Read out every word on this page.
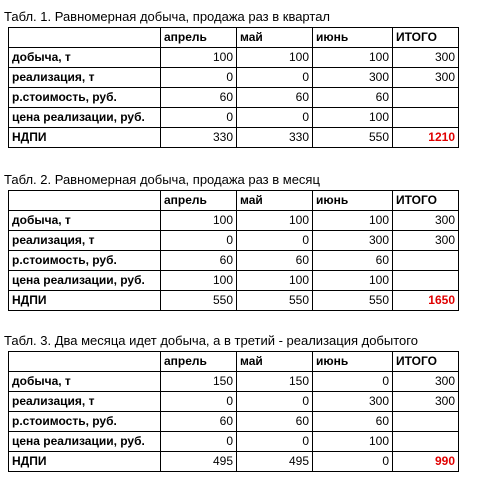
Табл. 1. Равномерная добыча, продажа раз в квартал
	апрель	май	июнь	ИТОГО
добыча, т	100	100	100	300
реализация, т	0	0	300	300
р.стоимость, руб.	60	60	60	
цена реализации, руб.	0	0	100	
НДПИ	330	330	550	1210
Табл. 2. Равномерная добыча, продажа раз в месяц
	апрель	май	июнь	ИТОГО
добыча, т	100	100	100	300
реализация, т	0	0	300	300
р.стоимость, руб.	60	60	60	
цена реализации, руб.	100	100	100	
НДПИ	550	550	550	1650
Табл. 3. Два месяца идет добыча, а в третий - реализация добытого
	апрель	май	июнь	ИТОГО
добыча, т	150	150	0	300
реализация, т	0	0	300	300
р.стоимость, руб.	60	60	60	
цена реализации, руб.	0	0	100	
НДПИ	495	495	0	990
